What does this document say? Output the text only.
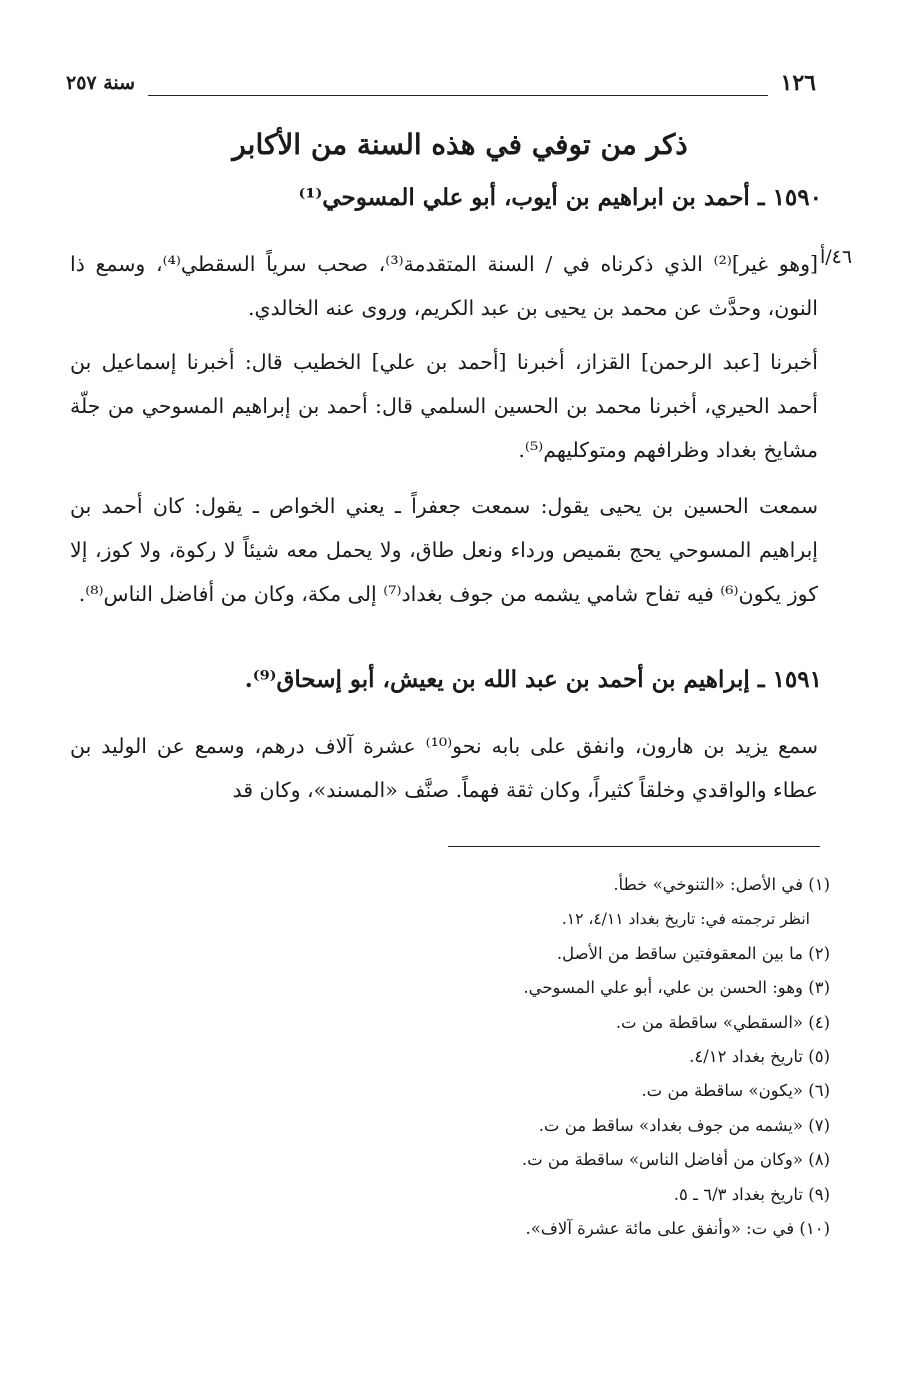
١٢٦
سنة ٢٥٧
ذكر من توفي في هذه السنة من الأكابر
١٥٩٠ ـ أحمد بن ابراهيم بن أيوب، أبو علي المسوحي⁽¹⁾
٤٦/أ
[وهو غير]⁽²⁾ الذي ذكرناه في / السنة المتقدمة⁽³⁾، صحب سرياً السقطي⁽⁴⁾، وسمع ذا النون، وحدَّث عن محمد بن يحيى بن عبد الكريم، وروى عنه الخالدي.
أخبرنا [عبد الرحمن] القزاز، أخبرنا [أحمد بن علي] الخطيب قال: أخبرنا إسماعيل بن أحمد الحيري، أخبرنا محمد بن الحسين السلمي قال: أحمد بن إبراهيم المسوحي من جلّة مشايخ بغداد وظرافهم ومتوكليهم⁽⁵⁾.
سمعت الحسين بن يحيى يقول: سمعت جعفراً ـ يعني الخواص ـ يقول: كان أحمد بن إبراهيم المسوحي يحج بقميص ورداء ونعل طاق، ولا يحمل معه شيئاً لا ركوة، ولا كوز، إلا كوز يكون⁽⁶⁾ فيه تفاح شامي يشمه من جوف بغداد⁽⁷⁾ إلى مكة، وكان من أفاضل الناس⁽⁸⁾.
١٥٩١ ـ إبراهيم بن أحمد بن عبد الله بن يعيش، أبو إسحاق⁽⁹⁾.
سمع يزيد بن هارون، وانفق على بابه نحو⁽¹⁰⁾ عشرة آلاف درهم، وسمع عن الوليد بن عطاء والواقدي وخلقاً كثيراً، وكان ثقة فهماً. صنَّف «المسند»، وكان قد
(١) في الأصل: «التنوخي» خطأ.
انظر ترجمته في: تاريخ بغداد ٤/١١، ١٢.
(٢) ما بين المعقوفتين ساقط من الأصل.
(٣) وهو: الحسن بن علي، أبو علي المسوحي.
(٤) «السقطي» ساقطة من ت.
(٥) تاريخ بغداد ٤/١٢.
(٦) «يكون» ساقطة من ت.
(٧) «يشمه من جوف بغداد» ساقط من ت.
(٨) «وكان من أفاضل الناس» ساقطة من ت.
(٩) تاريخ بغداد ٦/٣ ـ ٥.
(١٠) في ت: «وأنفق على مائة عشرة آلاف».
